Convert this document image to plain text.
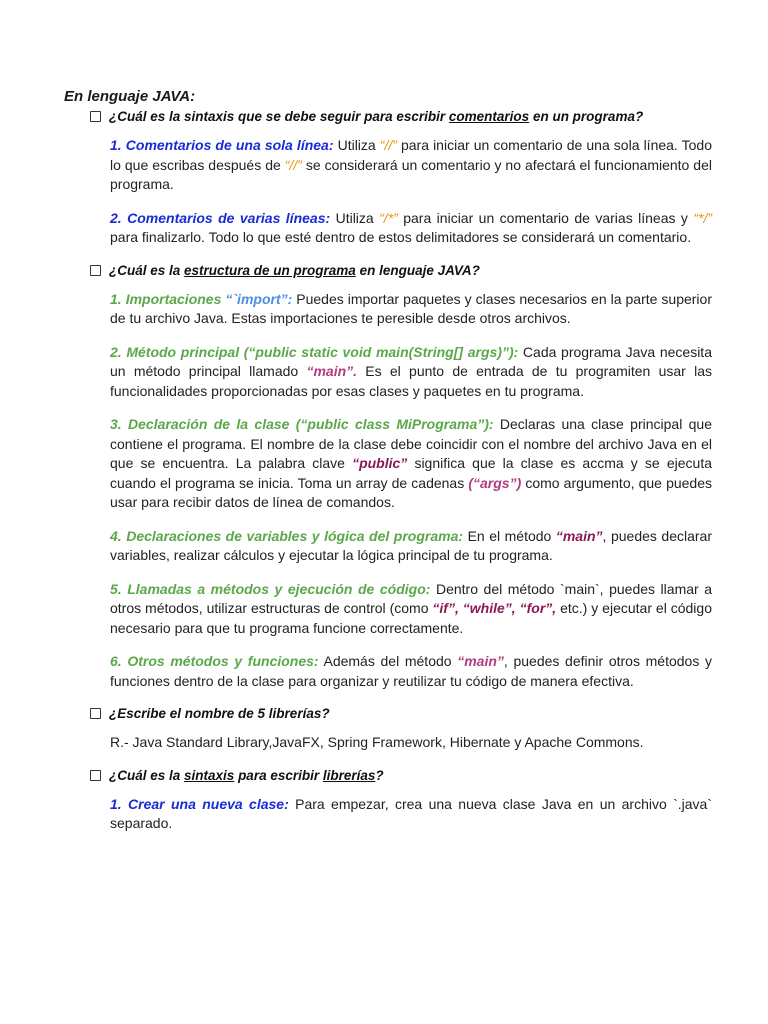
En lenguaje JAVA:
¿Cuál es la sintaxis que se debe seguir para escribir comentarios en un programa?
1. Comentarios de una sola línea: Utiliza “//” para iniciar un comentario de una sola línea. Todo lo que escribas después de “//” se considerará un comentario y no afectará el funcionamiento del programa.
2. Comentarios de varias líneas: Utiliza “/*” para iniciar un comentario de varias líneas y “*/” para finalizarlo. Todo lo que esté dentro de estos delimitadores se considerará un comentario.
¿Cuál es la estructura de un programa en lenguaje JAVA?
1. Importaciones “`import”: Puedes importar paquetes y clases necesarios en la parte superior de tu archivo Java. Estas importaciones te peresible desde otros archivos.
2. Método principal (“public static void main(String[] args)”): Cada programa Java necesita un método principal llamado “main”. Es el punto de entrada de tu programiten usar las funcionalidades proporcionadas por esas clases y paquetes en tu programa.
3. Declaración de la clase (“public class MiPrograma”): Declaras una clase principal que contiene el programa. El nombre de la clase debe coincidir con el nombre del archivo Java en el que se encuentra. La palabra clave “public” significa que la clase es accma y se ejecuta cuando el programa se inicia. Toma un array de cadenas (“args”) como argumento, que puedes usar para recibir datos de línea de comandos.
4. Declaraciones de variables y lógica del programa: En el método “main”, puedes declarar variables, realizar cálculos y ejecutar la lógica principal de tu programa.
5. Llamadas a métodos y ejecución de código: Dentro del método `main`, puedes llamar a otros métodos, utilizar estructuras de control (como “if”, “while”, “for”, etc.) y ejecutar el código necesario para que tu programa funcione correctamente.
6. Otros métodos y funciones: Además del método “main”, puedes definir otros métodos y funciones dentro de la clase para organizar y reutilizar tu código de manera efectiva.
¿Escribe el nombre de 5 librerías?
R.- Java Standard Library,JavaFX, Spring Framework, Hibernate y Apache Commons.
¿Cuál es la sintaxis para escribir librerías?
1. Crear una nueva clase: Para empezar, crea una nueva clase Java en un archivo `.java` separado.
